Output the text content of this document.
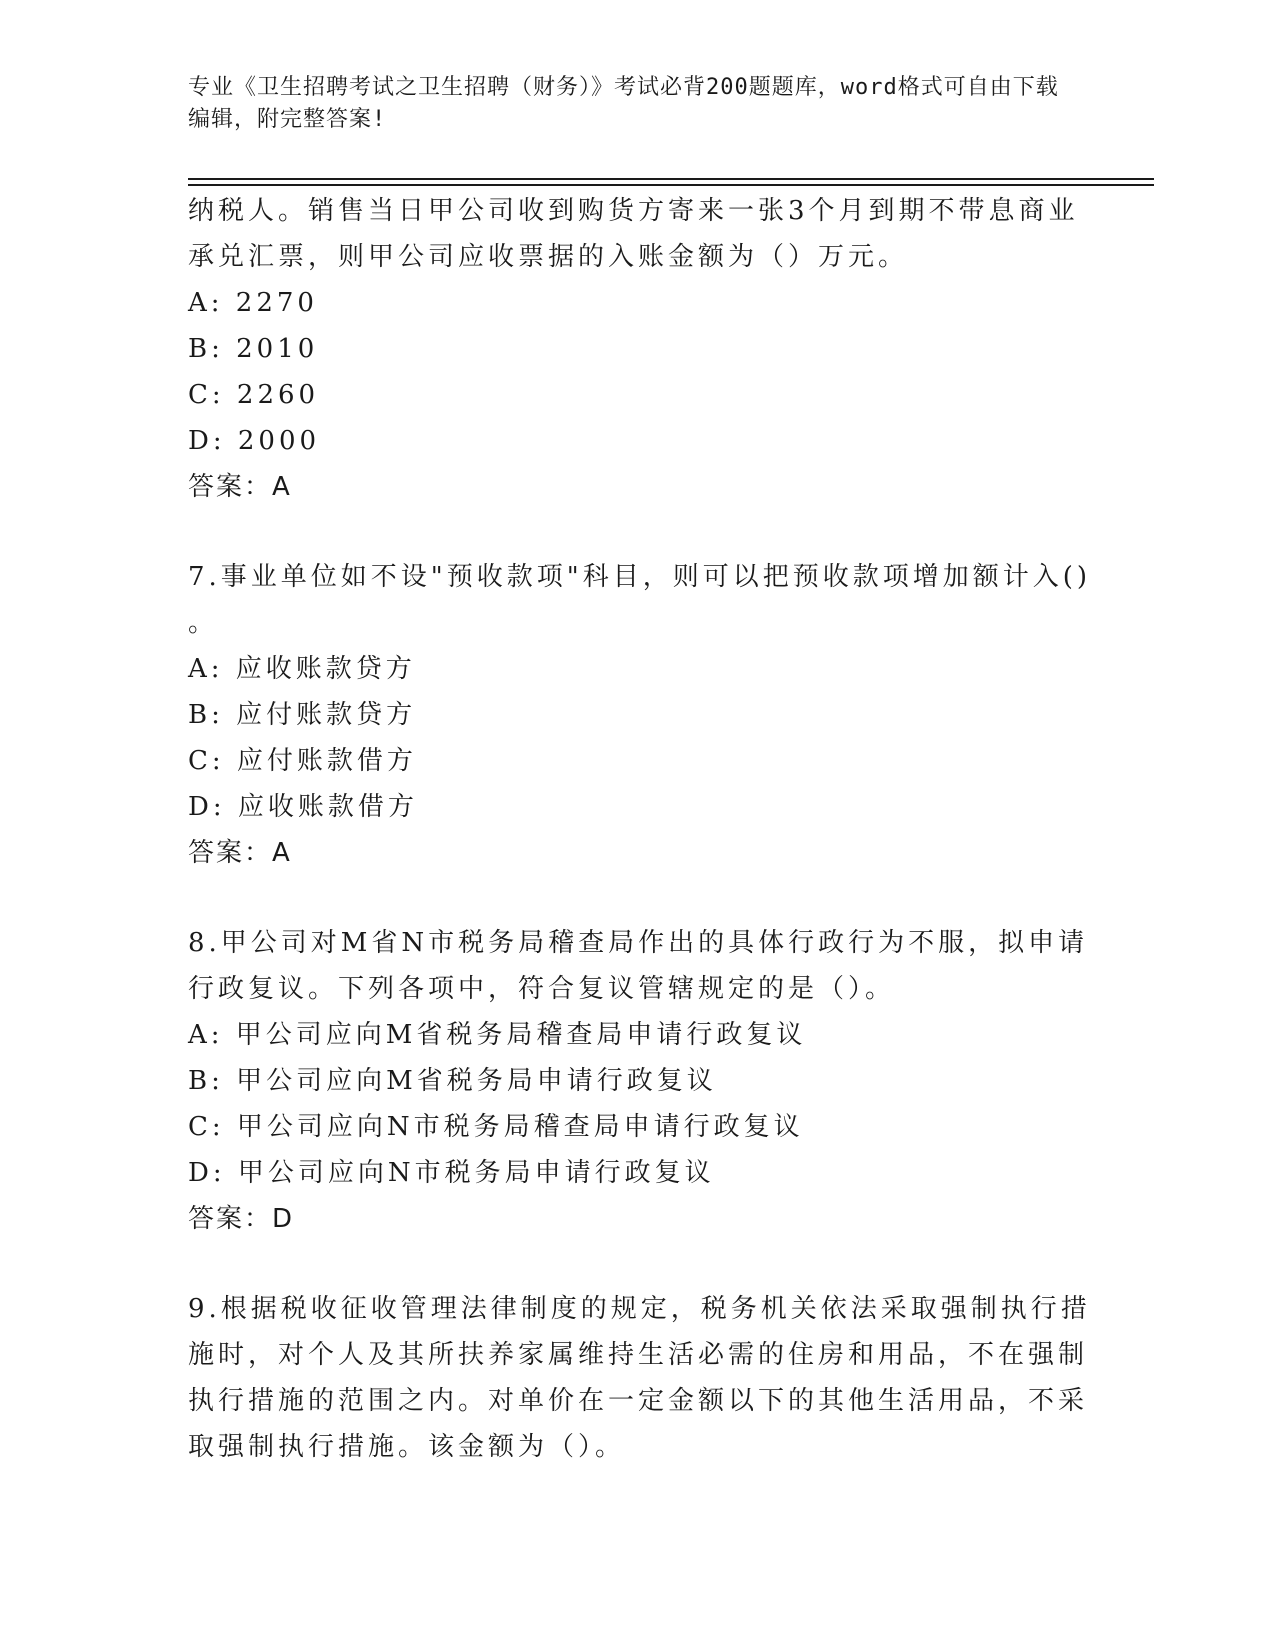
专业《卫生招聘考试之卫生招聘（财务）》考试必背200题题库，word格式可自由下载编辑，附完整答案!
纳税人。销售当日甲公司收到购货方寄来一张3个月到期不带息商业
承兑汇票，则甲公司应收票据的入账金额为（）万元。
A: 2270
B: 2010
C: 2260
D: 2000
答案：A
7.事业单位如不设"预收款项"科目，则可以把预收款项增加额计入()
。
A: 应收账款贷方
B: 应付账款贷方
C: 应付账款借方
D: 应收账款借方
答案：A
8.甲公司对M省N市税务局稽查局作出的具体行政行为不服，拟申请
行政复议。下列各项中，符合复议管辖规定的是（）。
A: 甲公司应向M省税务局稽查局申请行政复议
B: 甲公司应向M省税务局申请行政复议
C: 甲公司应向N市税务局稽查局申请行政复议
D: 甲公司应向N市税务局申请行政复议
答案：D
9.根据税收征收管理法律制度的规定，税务机关依法采取强制执行措
施时，对个人及其所扶养家属维持生活必需的住房和用品，不在强制
执行措施的范围之内。对单价在一定金额以下的其他生活用品，不采
取强制执行措施。该金额为（）。
